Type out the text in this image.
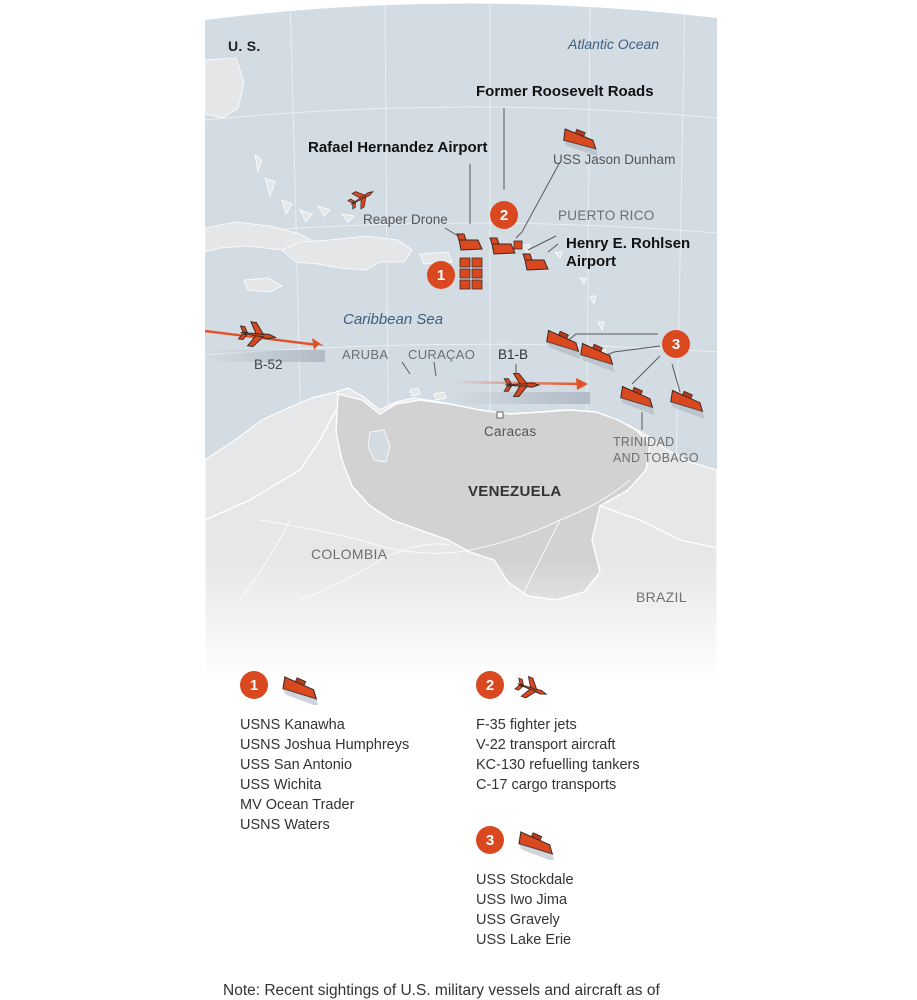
U. S.	Atlantic Ocean
Former Roosevelt Roads
Rafael Hernandez Airport
USS Jason Dunham
Reaper Drone	PUERTO RICO
Henry E. Rohlsen
Airport
Caribbean Sea
ARUBA CURAÇAO B1-B
B-52
Caracas
TRINIDAD
AND TOBAGO
VENEZUELA
COLOMBIA
BRAZIL
2
1
3
1
USNS Kanawha
USNS Joshua Humphreys
USS San Antonio
USS Wichita
MV Ocean Trader
USNS Waters
2
F-35 fighter jets
V-22 transport aircraft
KC-130 refuelling tankers
C-17 cargo transports
3
USS Stockdale
USS Iwo Jima
USS Gravely
USS Lake Erie
Note: Recent sightings of U.S. military vessels and aircraft as of
